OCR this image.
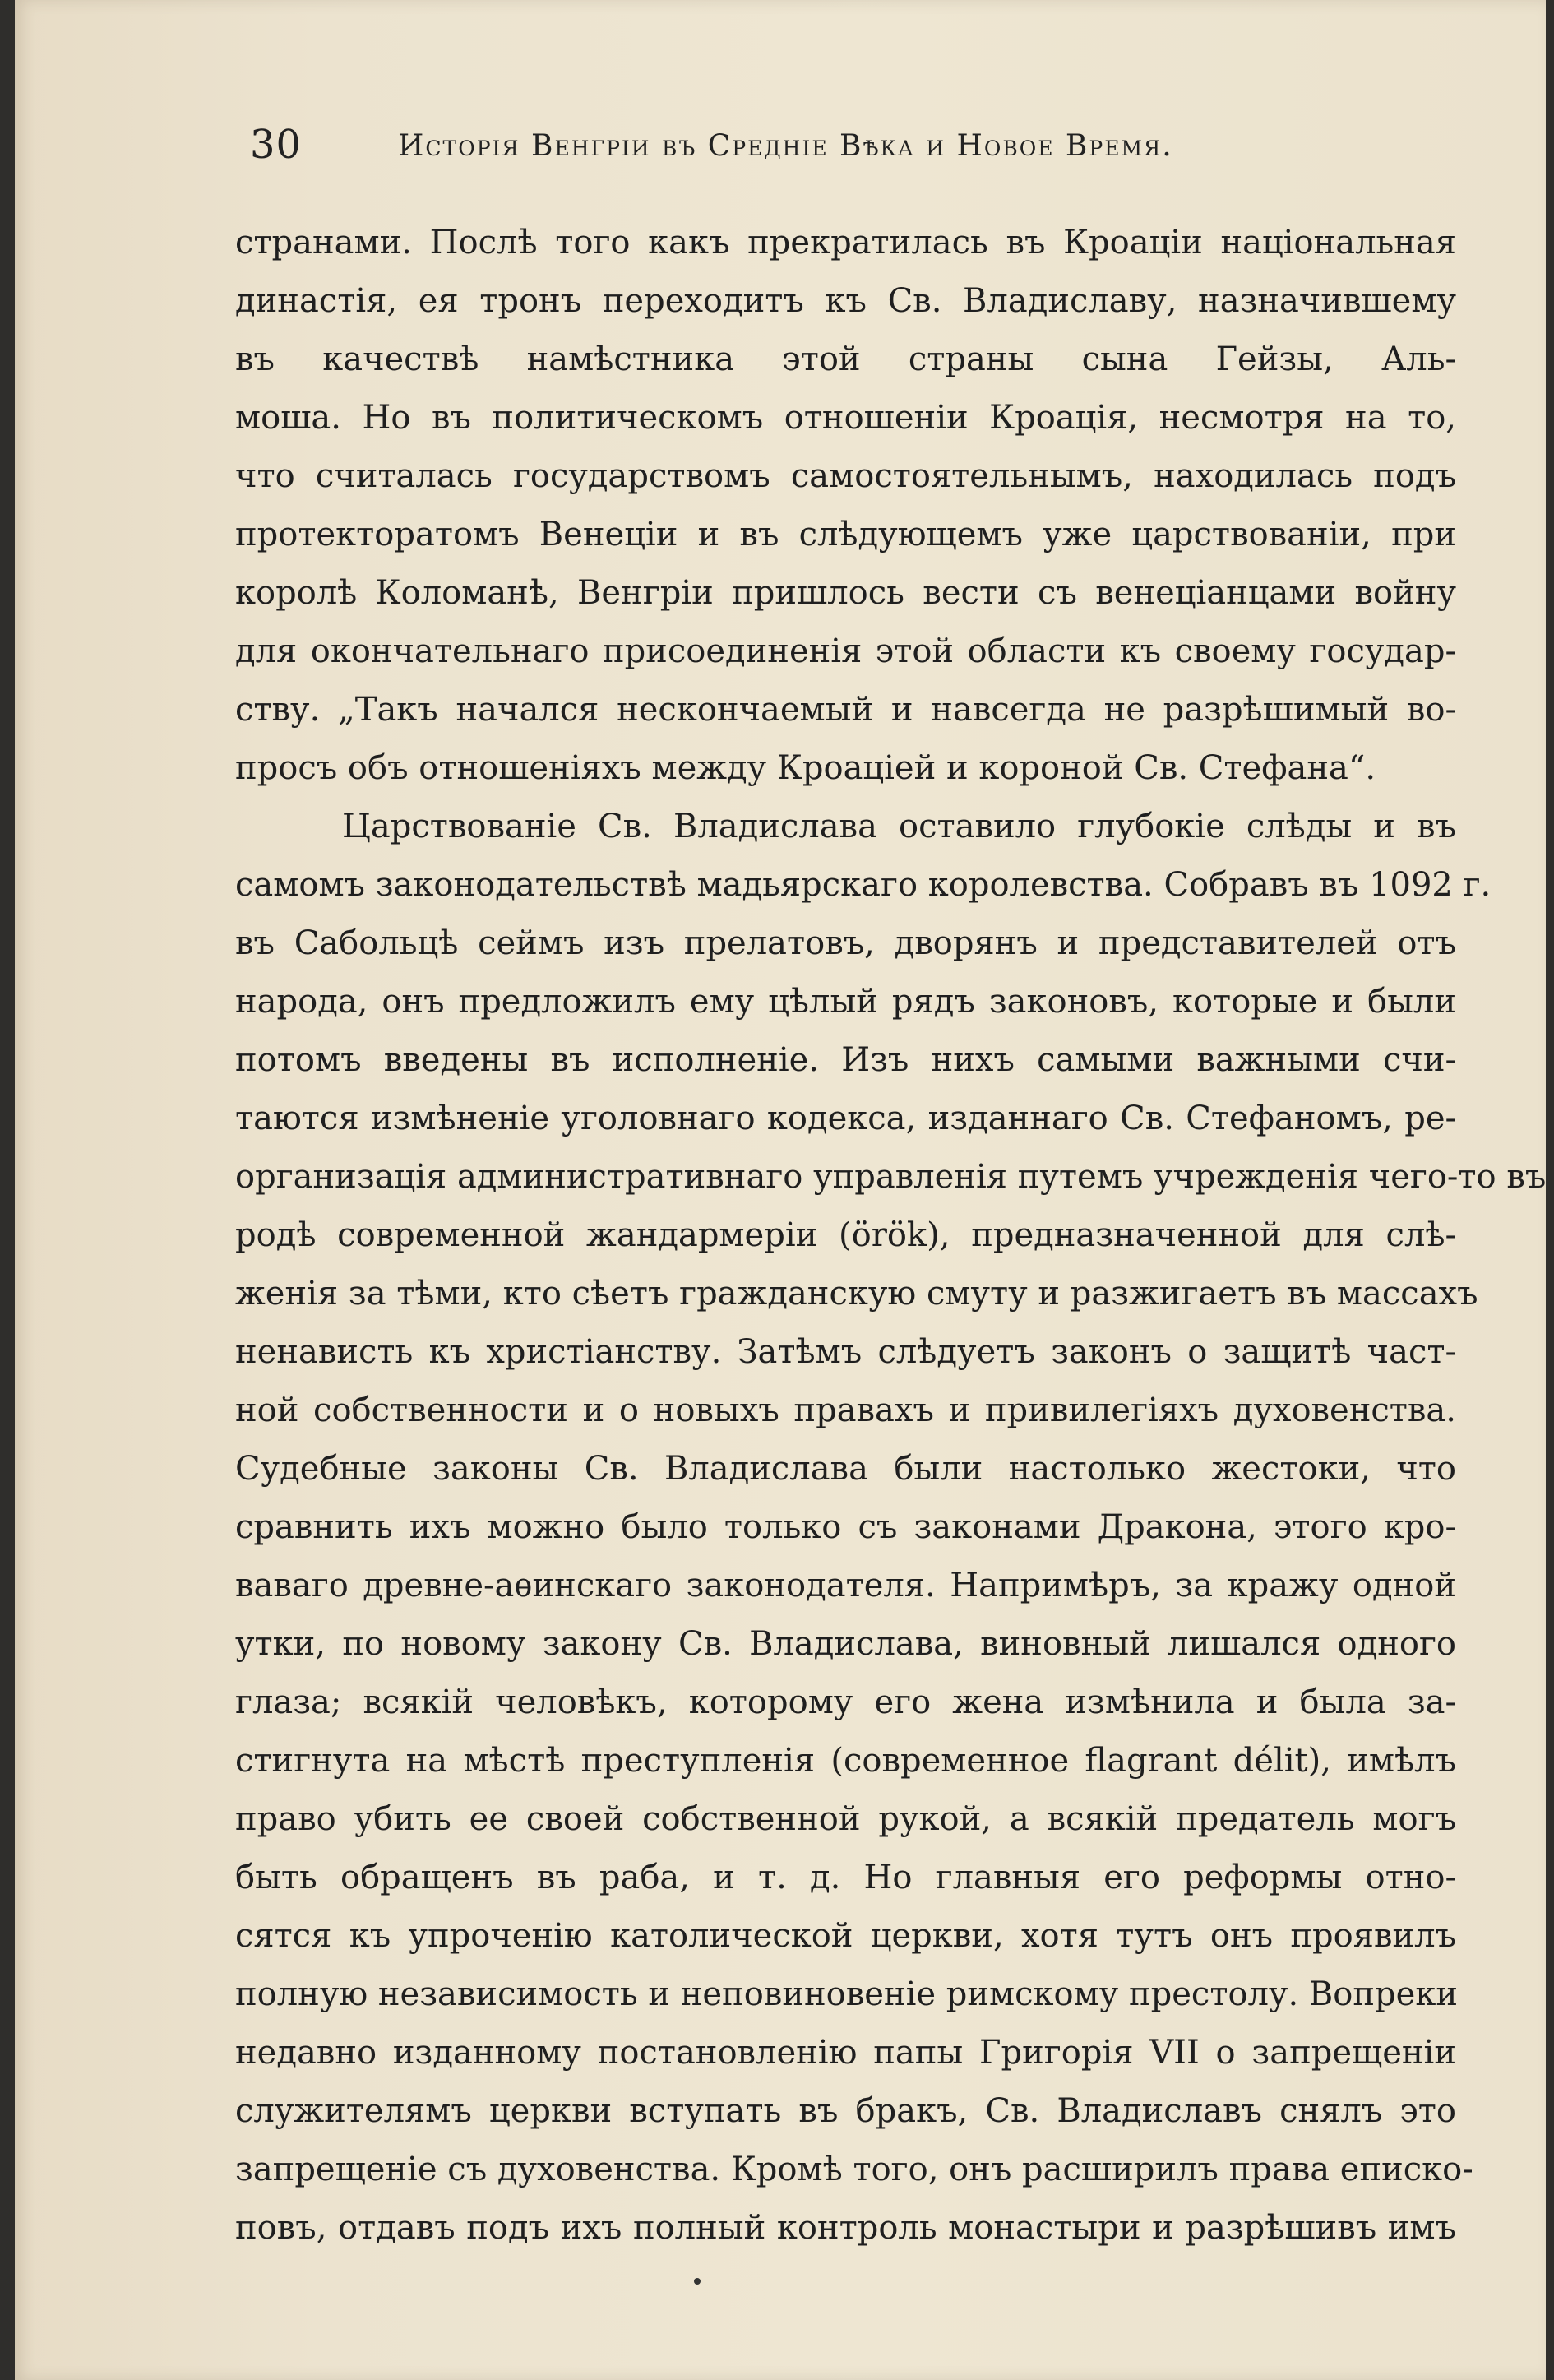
30	Исторія Венгріи въ Средніе Вѣка и Новое Время.
странами. Послѣ того какъ прекратилась въ Кроаціи національная
династія, ея тронъ переходитъ къ Св. Владиславу, назначившему
въ качествѣ намѣстника этой страны сына Гейзы, Аль-
моша. Но въ политическомъ отношеніи Кроація, несмотря на то,
что считалась государствомъ самостоятельнымъ, находилась подъ
протекторатомъ Венеціи и въ слѣдующемъ уже царствованіи, при
королѣ Коломанѣ, Венгріи пришлось вести съ венеціанцами войну
для окончательнаго присоединенія этой области къ своему государ-
ству. „Такъ начался нескончаемый и навсегда не разрѣшимый во-
просъ объ отношеніяхъ между Кроаціей и короной Св. Стефана“.
Царствованіе Св. Владислава оставило глубокіе слѣды и въ
самомъ законодательствѣ мадьярскаго королевства. Собравъ въ 1092 г.
въ Сабольцѣ сеймъ изъ прелатовъ, дворянъ и представителей отъ
народа, онъ предложилъ ему цѣлый рядъ законовъ, которые и были
потомъ введены въ исполненіе. Изъ нихъ самыми важными счи-
таются измѣненіе уголовнаго кодекса, изданнаго Св. Стефаномъ, ре-
организація административнаго управленія путемъ учрежденія чего-то въ
родѣ современной жандармеріи (örök), предназначенной для слѣ-
женія за тѣми, кто сѣетъ гражданскую смуту и разжигаетъ въ массахъ
ненависть къ христіанству. Затѣмъ слѣдуетъ законъ о защитѣ част-
ной собственности и о новыхъ правахъ и привилегіяхъ духовенства.
Судебные законы Св. Владислава были настолько жестоки, что
сравнить ихъ можно было только съ законами Дракона, этого кро-
ваваго древне-аѳинскаго законодателя. Напримѣръ, за кражу одной
утки, по новому закону Св. Владислава, виновный лишался одного
глаза; всякій человѣкъ, которому его жена измѣнила и была за-
стигнута на мѣстѣ преступленія (современное flagrant délit), имѣлъ
право убить ее своей собственной рукой, а всякій предатель могъ
быть обращенъ въ раба, и т. д. Но главныя его реформы отно-
сятся къ упроченію католической церкви, хотя тутъ онъ проявилъ
полную независимость и неповиновеніе римскому престолу. Вопреки
недавно изданному постановленію папы Григорія VII о запрещеніи
служителямъ церкви вступать въ бракъ, Св. Владиславъ снялъ это
запрещеніе съ духовенства. Кромѣ того, онъ расширилъ права еписко-
повъ, отдавъ подъ ихъ полный контроль монастыри и разрѣшивъ имъ
